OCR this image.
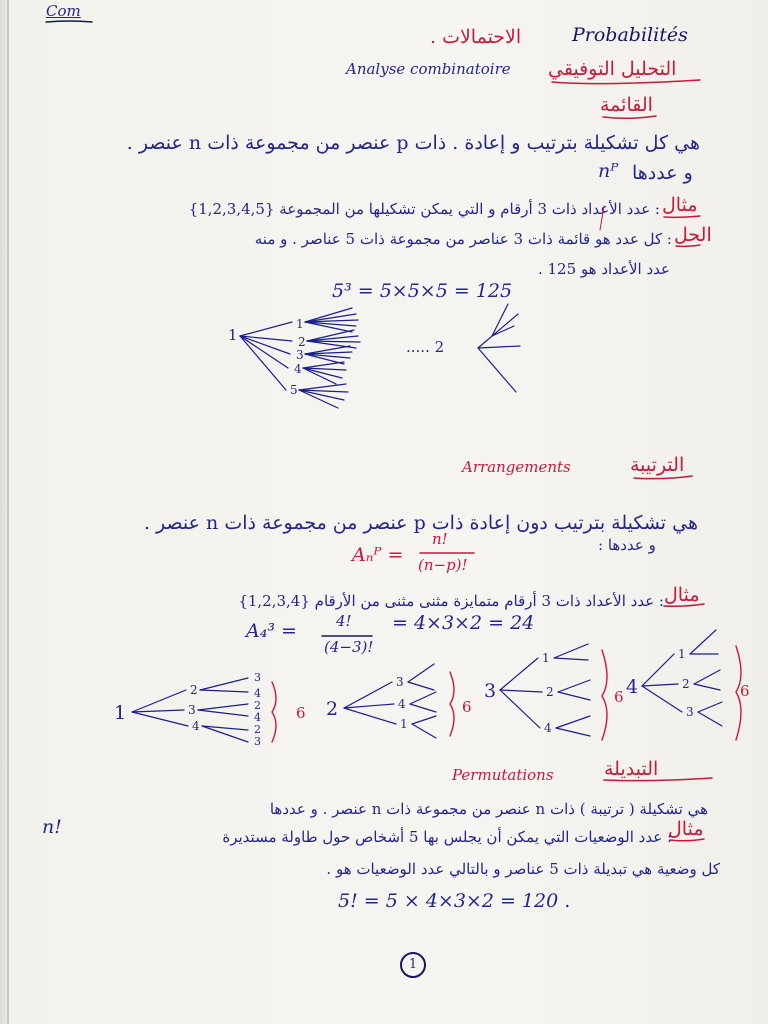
Com
الاحتمالات .	Probabilités
Analyse combinatoire التحليل التوفيقي
القائمة
هي كل تشكيلة بترتيب و إعادة . ذات p عنصر من مجموعة ذات n عنصر .
nᴾ و عددها
مثال
: عدد الأعداد ذات 3 أرقام و التي يمكن تشكيلها من المجموعة {1,2,3,4,5}
الحل
: كل عدد هو قائمة ذات 3 عناصر من مجموعة ذات 5 عناصر . و منه
عدد الأعداد هو 125 .
5³ = 5×5×5 = 125
1
1
2
3
4
5
..... 2
Arrangements	الترتيبة
هي تشكيلة بترتيب دون إعادة ذات p عنصر من مجموعة ذات n عنصر .
و عددها :
Aₙᴾ =
n!
(n−p)!
مثال
: عدد الأعداد ذات 3 أرقام متمايزة مثنى مثنى من الأرقام {1,2,3,4}
A₄³ =	4!
(4−3)!
= 4×3×2 = 24
1
2
3
4
3
4
2
4
2
3
6 2
3
4
1
6
3
1
2
4
6 4
1
2
3
6
Permutations	التبديلة
هي تشكيلة ( ترتيبة ) ذات n عنصر من مجموعة ذات n عنصر . و عددها
n!	مثال
: عدد الوضعيات التي يمكن أن يجلس بها 5 أشخاص حول طاولة مستديرة
كل وضعية هي تبديلة ذات 5 عناصر و بالتالي عدد الوضعيات هو .
5! = 5 × 4×3×2 = 120 .
1
